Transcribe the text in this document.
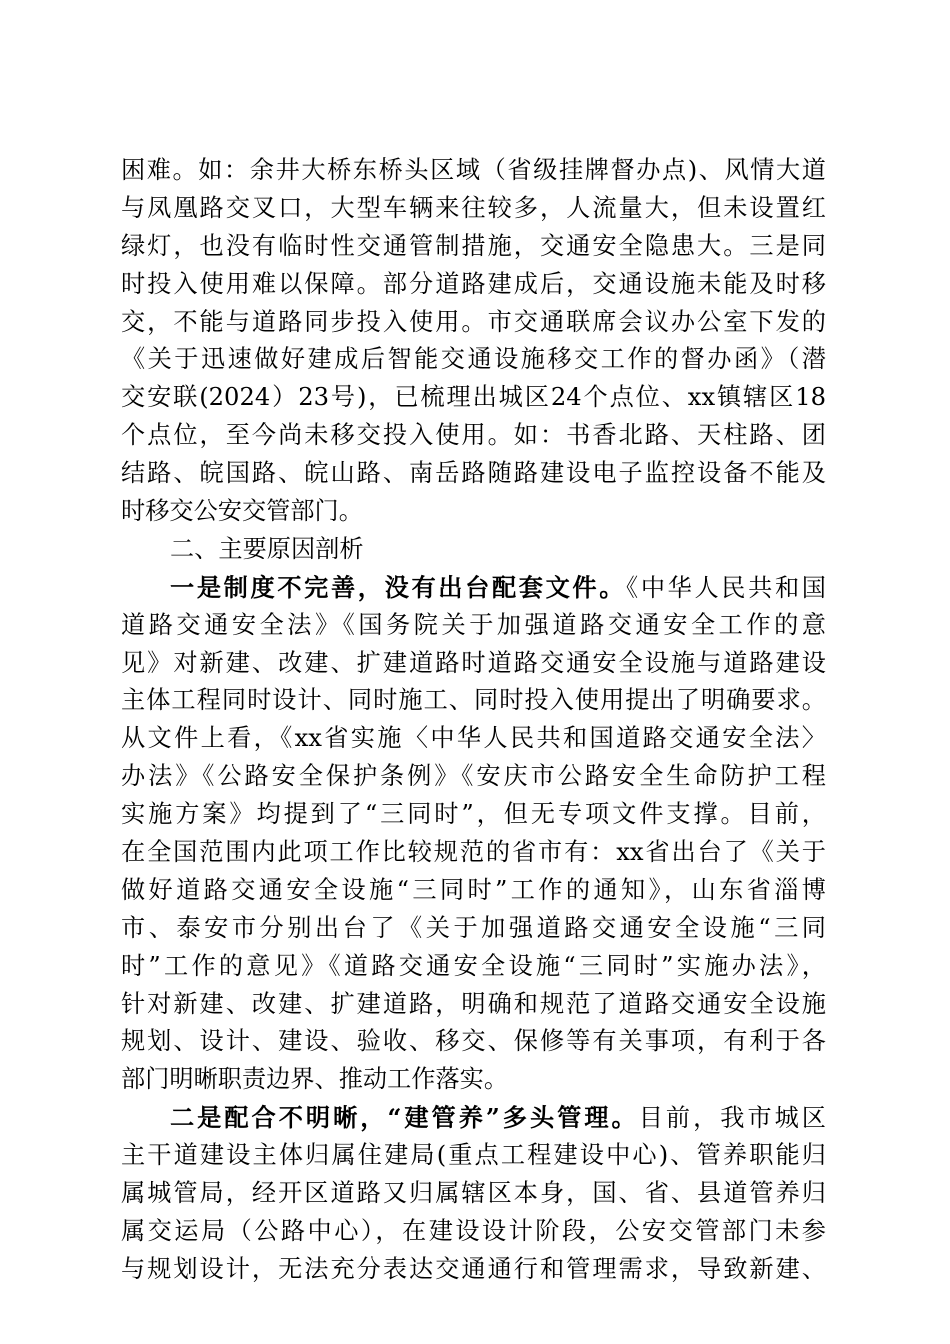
困难。如：余井大桥东桥头区域（省级挂牌督办点)、风情大道
与凤凰路交叉口，大型车辆来往较多，人流量大，但未设置红
绿灯，也没有临时性交通管制措施，交通安全隐患大。三是同
时投入使用难以保障。部分道路建成后，交通设施未能及时移
交，不能与道路同步投入使用。市交通联席会议办公室下发的
《关于迅速做好建成后智能交通设施移交工作的督办函》（潜
交安联(2024）23号)，已梳理出城区24个点位、xx镇辖区18
个点位，至今尚未移交投入使用。如：书香北路、天柱路、团
结路、皖国路、皖山路、南岳路随路建设电子监控设备不能及
时移交公安交管部门。
二、主要原因剖析
一是制度不完善，没有出台配套文件。《中华人民共和国
道路交通安全法》《国务院关于加强道路交通安全工作的意
见》对新建、改建、扩建道路时道路交通安全设施与道路建设
主体工程同时设计、同时施工、同时投入使用提出了明确要求。
从文件上看，《xx省实施〈中华人民共和国道路交通安全法〉
办法》《公路安全保护条例》《安庆市公路安全生命防护工程
实施方案》均提到了“三同时”，但无专项文件支撑。目前，
在全国范围内此项工作比较规范的省市有：xx省出台了《关于
做好道路交通安全设施“三同时”工作的通知》，山东省淄博
市、泰安市分别出台了《关于加强道路交通安全设施“三同
时”工作的意见》《道路交通安全设施“三同时”实施办法》，
针对新建、改建、扩建道路，明确和规范了道路交通安全设施
规划、设计、建设、验收、移交、保修等有关事项，有利于各
部门明晰职责边界、推动工作落实。
二是配合不明晰，“建管养”多头管理。目前，我市城区
主干道建设主体归属住建局(重点工程建设中心)、管养职能归
属城管局，经开区道路又归属辖区本身，国、省、县道管养归
属交运局（公路中心），在建设设计阶段，公安交管部门未参
与规划设计，无法充分表达交通通行和管理需求，导致新建、
